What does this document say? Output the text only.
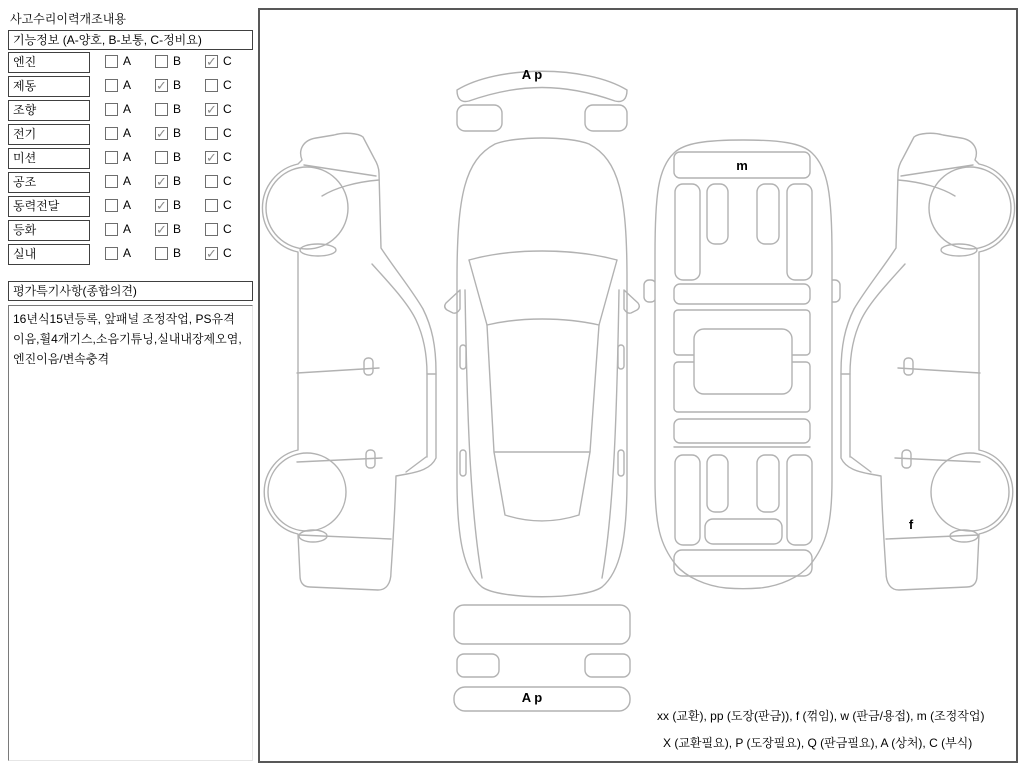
사고수리이력개조내용
기능정보 (A-양호, B-보통, C-정비요)
엔진	A	B ✓	C
제동	A ✓	B	C
조향	A	B ✓	C
전기	A ✓	B	C
미션	A	B ✓	C
공조	A ✓	B	C
동력전달	A ✓	B	C
등화	A ✓	B	C
실내	A	B ✓	C
평가특기사항(종합의견)
16년식15년등록, 앞패널 조정작업, PS유격
이음,휠4개기스,소음기튜닝,실내내장제오염,
엔진이음/변속충격
A p
m
f
A p
xx (교환), pp (도장(판금)), f (꺾임), w (판금/용접), m (조정작업)
X (교환필요), P (도장필요), Q (판금필요), A (상처), C (부식)
